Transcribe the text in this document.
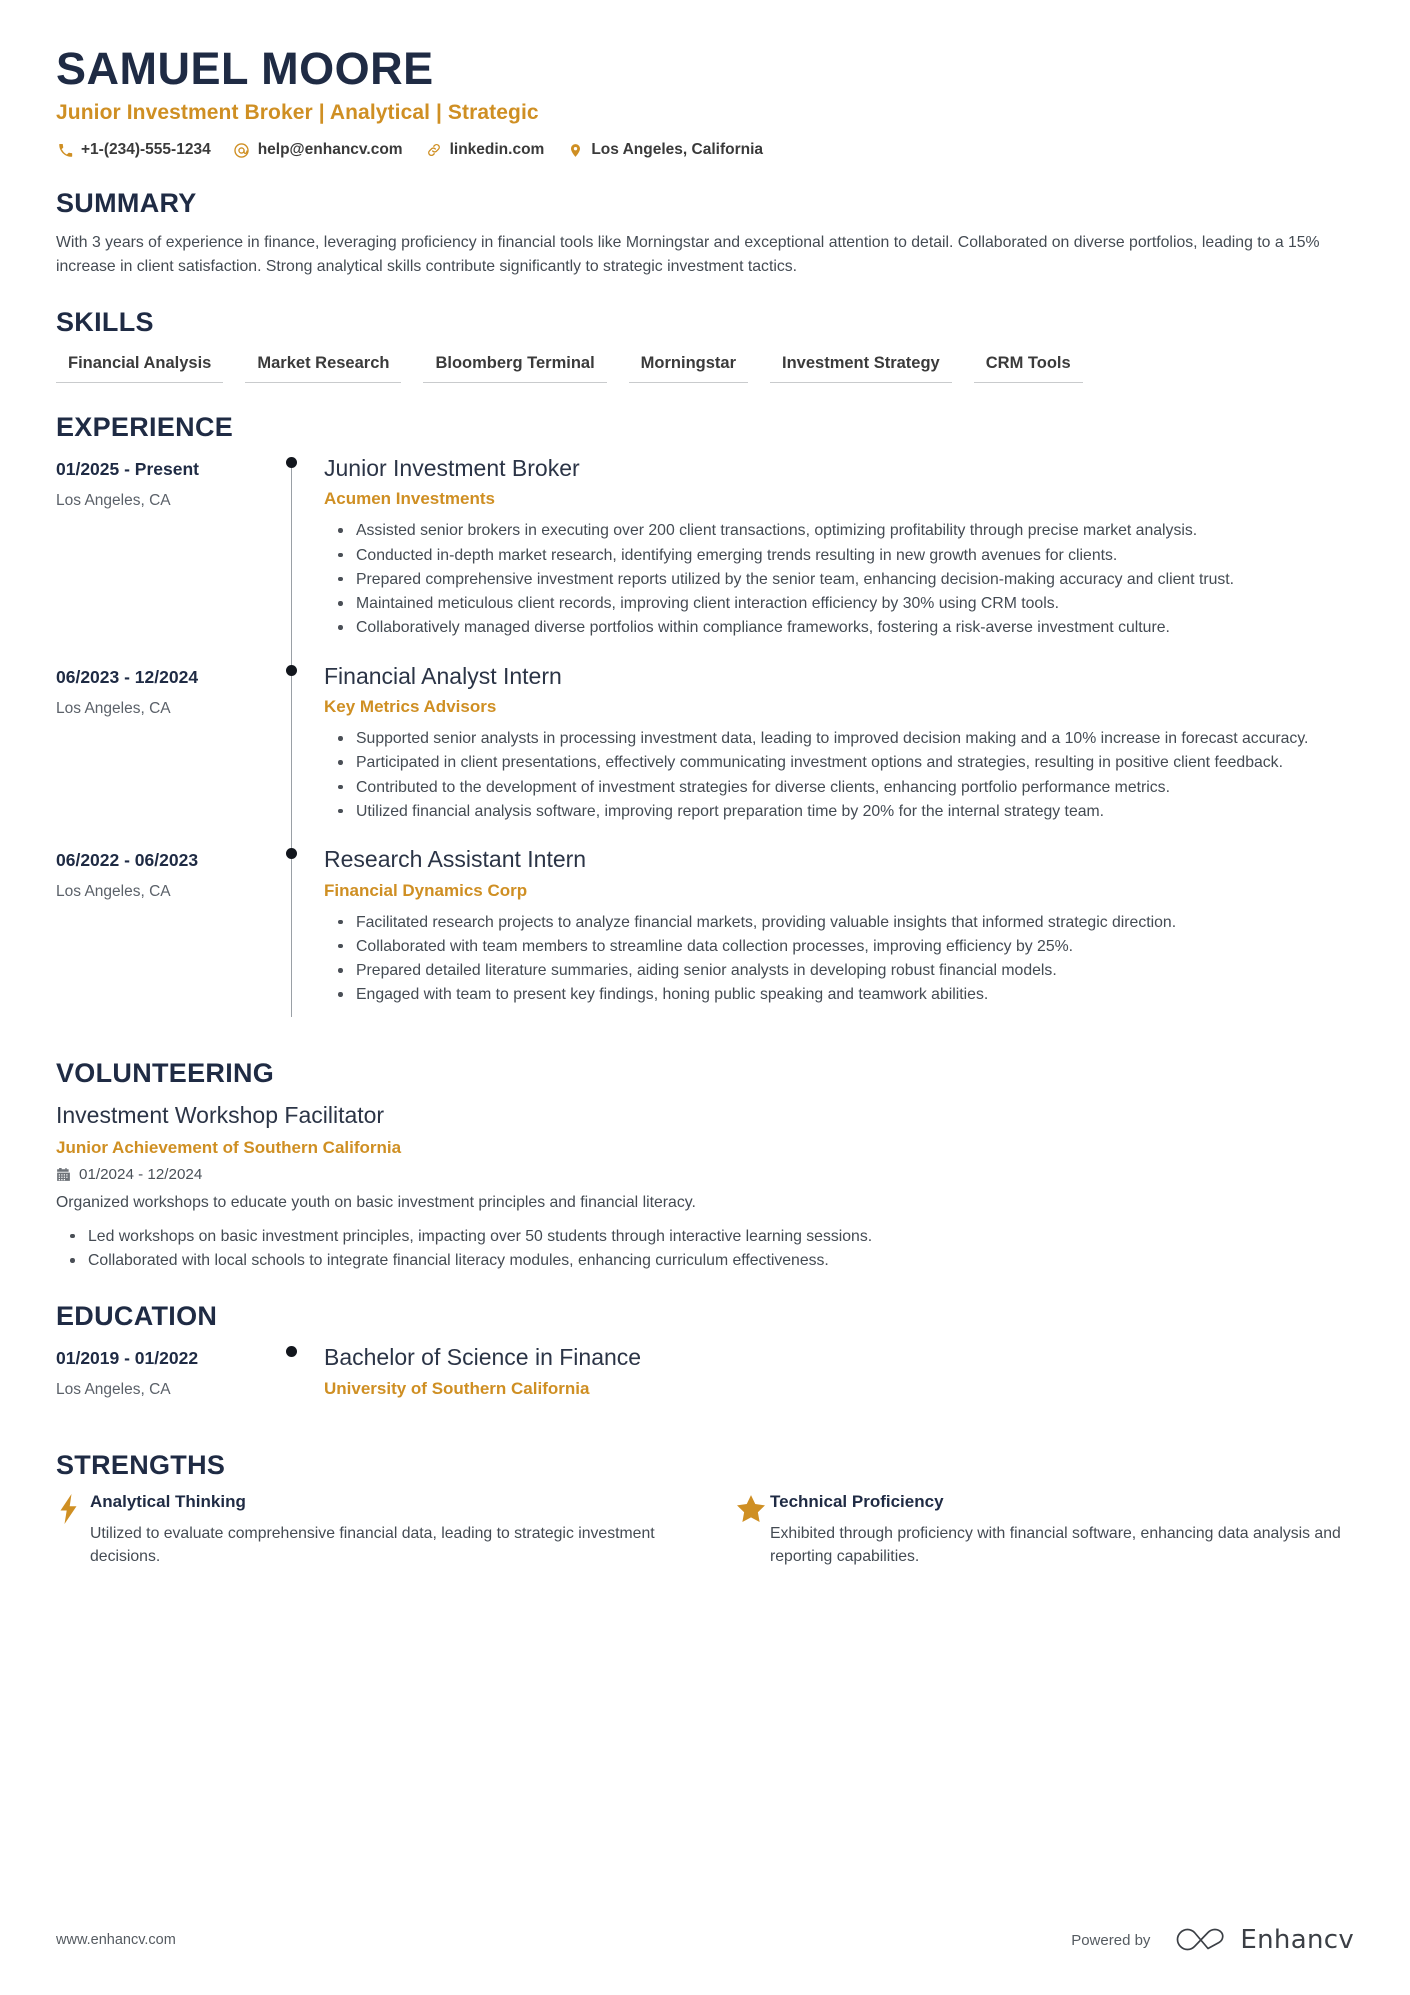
SAMUEL MOORE
Junior Investment Broker | Analytical | Strategic
+1-(234)-555-1234	help@enhancv.com	linkedin.com	Los Angeles, California
SUMMARY
With 3 years of experience in finance, leveraging proficiency in financial tools like Morningstar and exceptional attention to detail. Collaborated on diverse portfolios, leading to a 15% increase in client satisfaction. Strong analytical skills contribute significantly to strategic investment tactics.
SKILLS
Financial Analysis	Market Research	Bloomberg Terminal	Morningstar	Investment Strategy	CRM Tools
EXPERIENCE
01/2025 - Present
Los Angeles, CA
Junior Investment Broker
Acumen Investments
Assisted senior brokers in executing over 200 client transactions, optimizing profitability through precise market analysis.
Conducted in-depth market research, identifying emerging trends resulting in new growth avenues for clients.
Prepared comprehensive investment reports utilized by the senior team, enhancing decision-making accuracy and client trust.
Maintained meticulous client records, improving client interaction efficiency by 30% using CRM tools.
Collaboratively managed diverse portfolios within compliance frameworks, fostering a risk-averse investment culture.
06/2023 - 12/2024
Los Angeles, CA
Financial Analyst Intern
Key Metrics Advisors
Supported senior analysts in processing investment data, leading to improved decision making and a 10% increase in forecast accuracy.
Participated in client presentations, effectively communicating investment options and strategies, resulting in positive client feedback.
Contributed to the development of investment strategies for diverse clients, enhancing portfolio performance metrics.
Utilized financial analysis software, improving report preparation time by 20% for the internal strategy team.
06/2022 - 06/2023
Los Angeles, CA
Research Assistant Intern
Financial Dynamics Corp
Facilitated research projects to analyze financial markets, providing valuable insights that informed strategic direction.
Collaborated with team members to streamline data collection processes, improving efficiency by 25%.
Prepared detailed literature summaries, aiding senior analysts in developing robust financial models.
Engaged with team to present key findings, honing public speaking and teamwork abilities.
VOLUNTEERING
Investment Workshop Facilitator
Junior Achievement of Southern California
01/2024 - 12/2024
Organized workshops to educate youth on basic investment principles and financial literacy.
Led workshops on basic investment principles, impacting over 50 students through interactive learning sessions.
Collaborated with local schools to integrate financial literacy modules, enhancing curriculum effectiveness.
EDUCATION
01/2019 - 01/2022
Los Angeles, CA
Bachelor of Science in Finance
University of Southern California
STRENGTHS
Analytical Thinking
Utilized to evaluate comprehensive financial data, leading to strategic investment decisions.
Technical Proficiency
Exhibited through proficiency with financial software, enhancing data analysis and reporting capabilities.
www.enhancv.com	Powered by	Enhancv
